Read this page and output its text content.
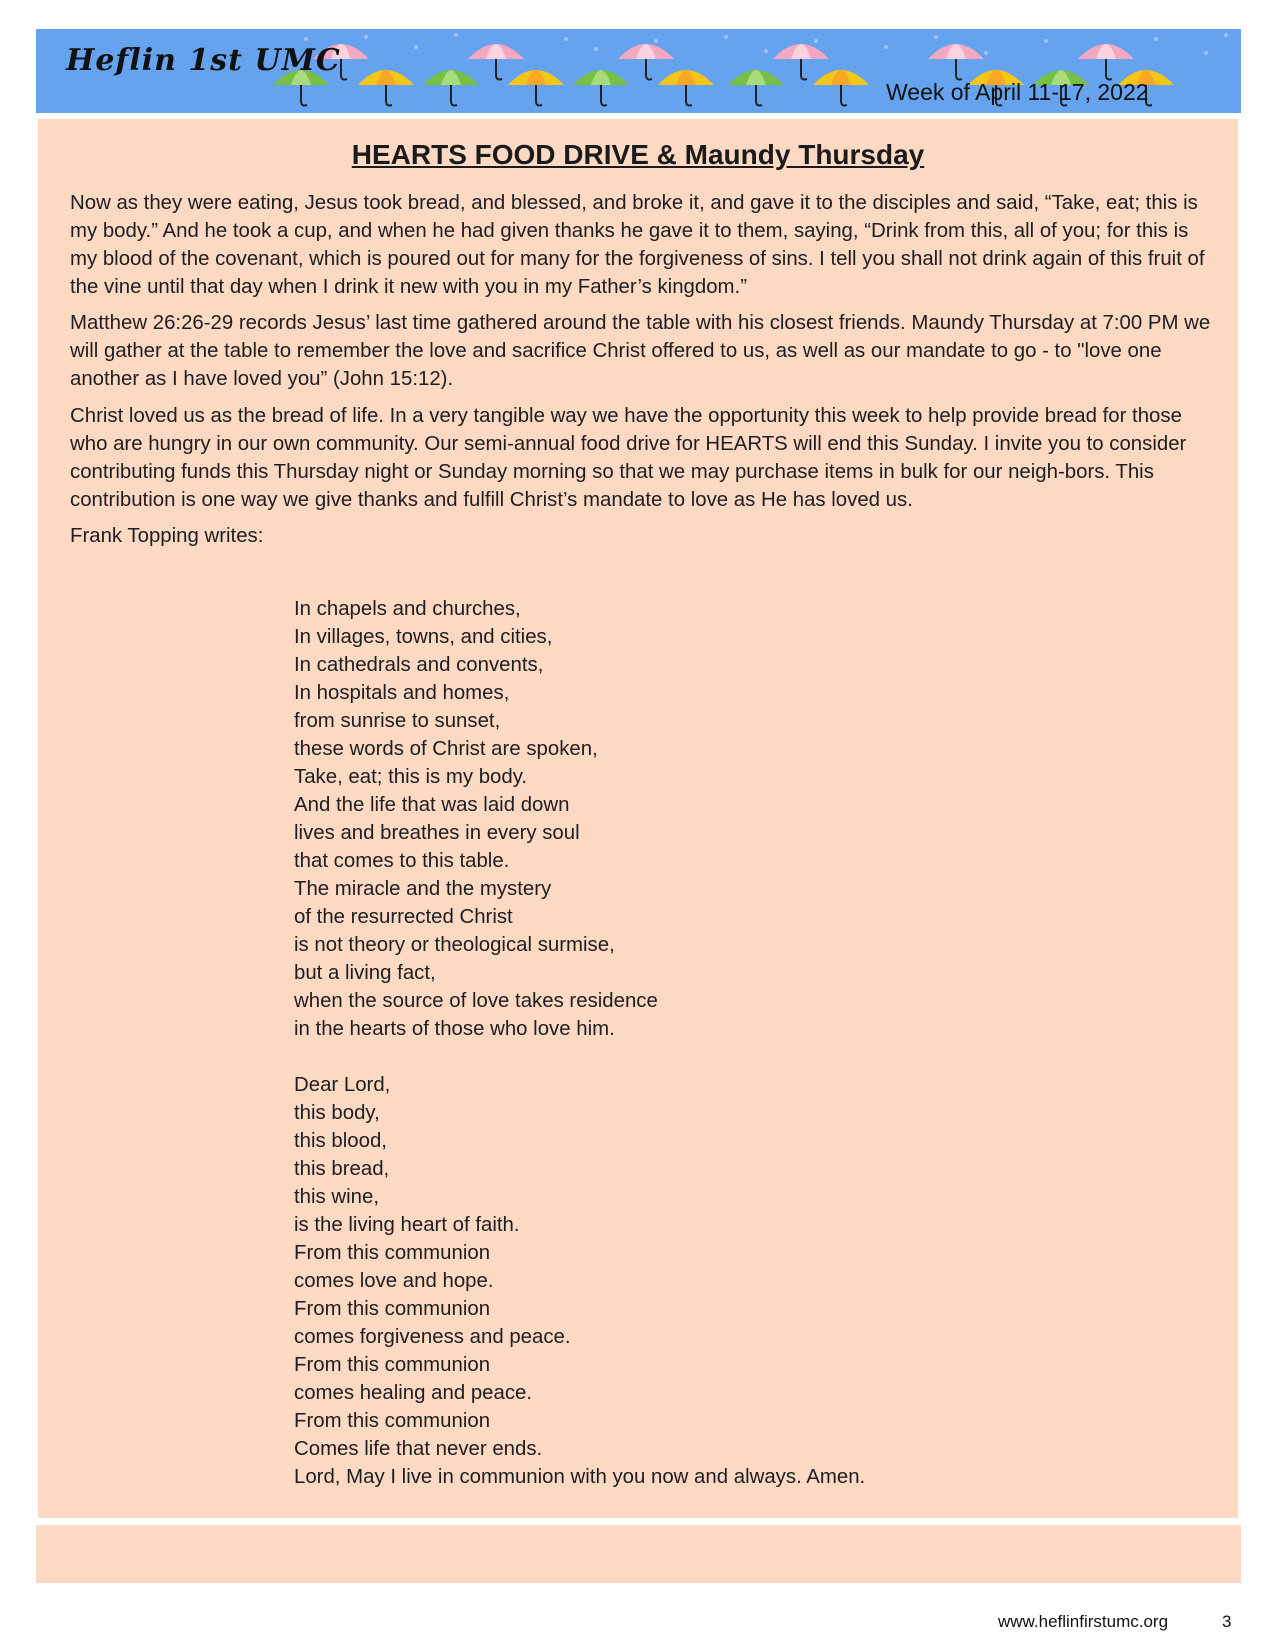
Heflin 1st UMC
Week of April 11-17, 2022
HEARTS FOOD DRIVE & Maundy Thursday

Now as they were eating, Jesus took bread, and blessed, and broke it, and gave it to the disciples and said, “Take, eat; this is my body.” And he took a cup, and when he had given thanks he gave it to them, saying, “Drink from this, all of you; for this is my blood of the covenant, which is poured out for many for the forgiveness of sins. I tell you shall not drink again of this fruit of the vine until that day when I drink it new with you in my Father’s kingdom.”

Matthew 26:26-29 records Jesus’ last time gathered around the table with his closest friends. Maundy Thursday at 7:00 PM we will gather at the table to remember the love and sacrifice Christ offered to us, as well as our mandate to go - to "love one another as I have loved you” (John 15:12).

Christ loved us as the bread of life. In a very tangible way we have the opportunity this week to help provide bread for those who are hungry in our own community. Our semi-annual food drive for HEARTS will end this Sunday. I invite you to consider contributing funds this Thursday night or Sunday morning so that we may purchase items in bulk for our neigh-bors. This contribution is one way we give thanks and fulfill Christ’s mandate to love as He has loved us.

Frank Topping writes:

In chapels and churches,
In villages, towns, and cities,
In cathedrals and convents,
In hospitals and homes,
from sunrise to sunset,
these words of Christ are spoken,
Take, eat; this is my body.
And the life that was laid down
lives and breathes in every soul
that comes to this table.
The miracle and the mystery
of the resurrected Christ
is not theory or theological surmise,
but a living fact,
when the source of love takes residence
in the hearts of those who love him.
Dear Lord,
this body,
this blood,
this bread,
this wine,
is the living heart of faith.
From this communion
comes love and hope.
From this communion
comes forgiveness and peace.
From this communion
comes healing and peace.
From this communion
Comes life that never ends.
Lord, May I live in communion with you now and always. Amen.
www.heflinfirstumc.org	3
